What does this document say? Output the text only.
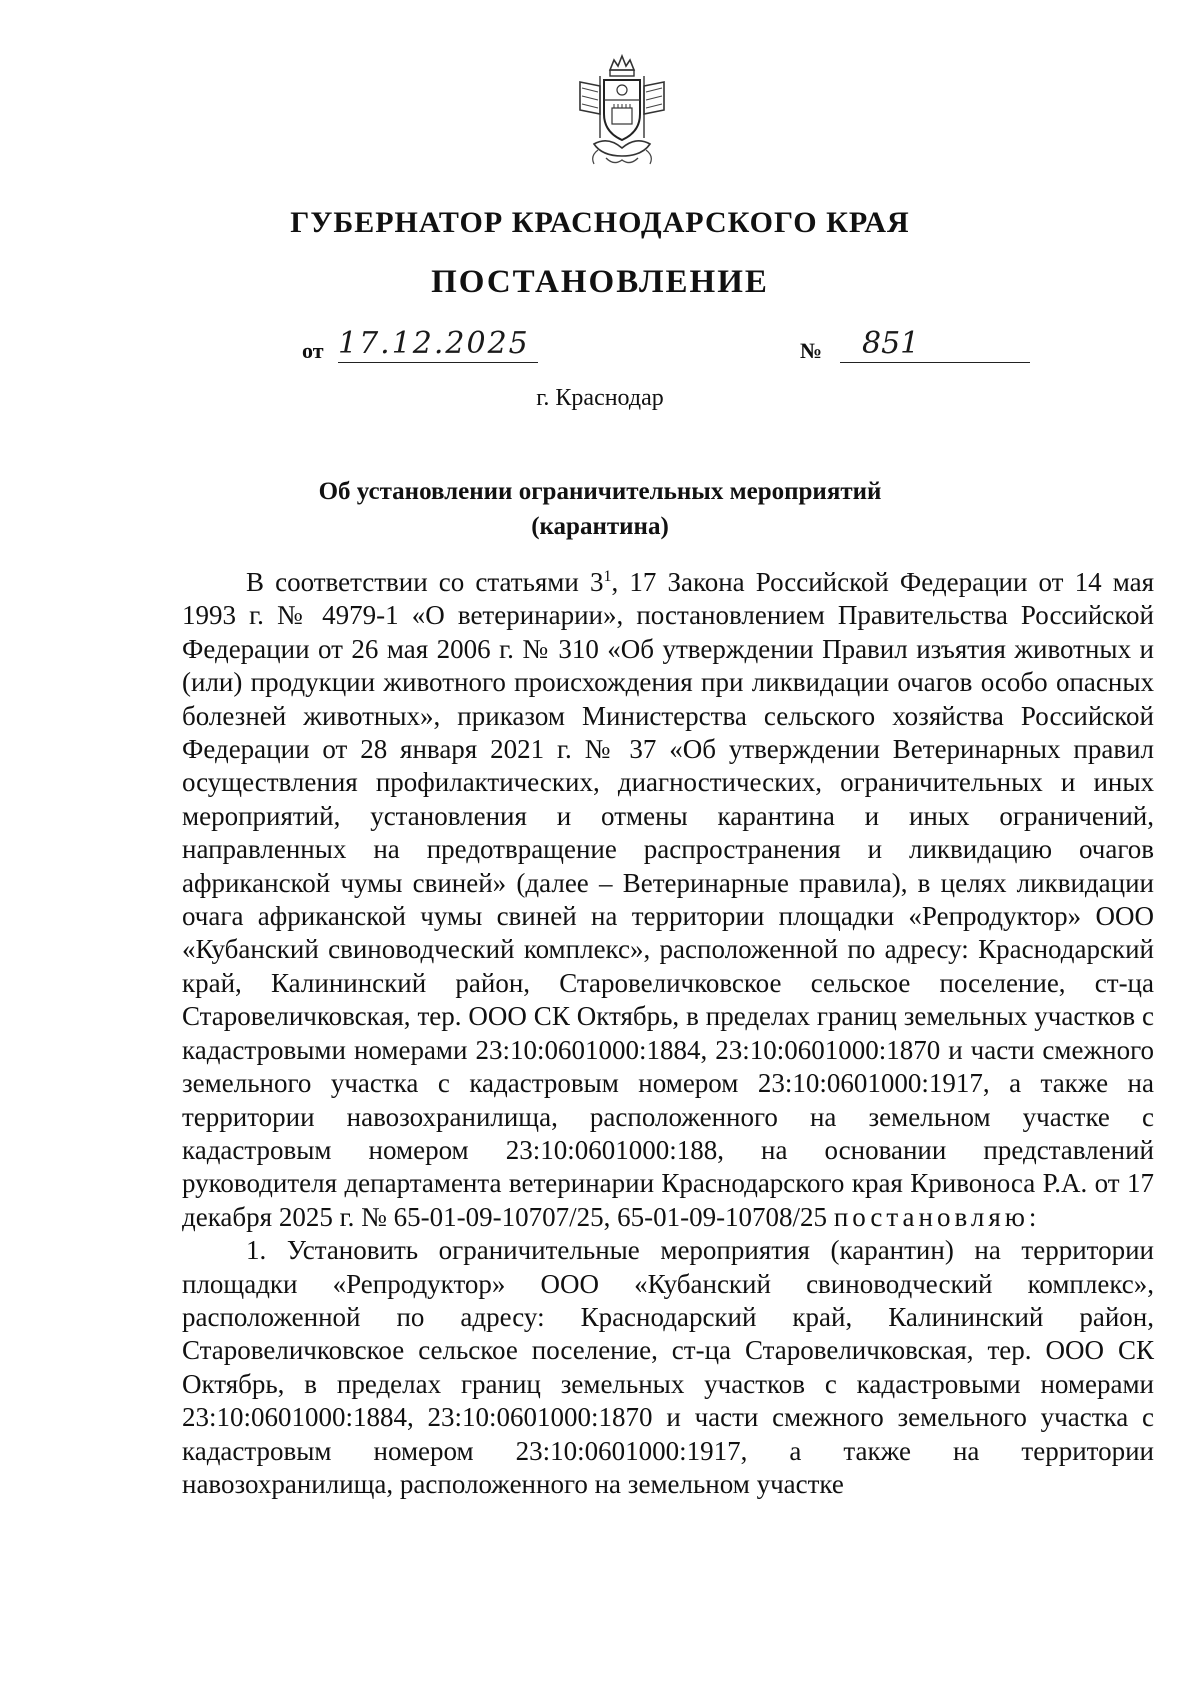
ГУБЕРНАТОР КРАСНОДАРСКОГО КРАЯ
ПОСТАНОВЛЕНИЕ
от 17.12.2025	№	851
г. Краснодар
Об установлении ограничительных мероприятий
(карантина)

В соответствии со статьями $3^1$, 17 Закона Российской Федерации от 14 мая 1993 г. № 4979-1 «О ветеринарии», постановлением Правительства Российской Федерации от 26 мая 2006 г. № 310 «Об утверждении Правил изъятия животных и (или) продукции животного происхождения при ликвидации очагов особо опасных болезней животных», приказом Министерства сельского хозяйства Российской Федерации от 28 января 2021 г. № 37 «Об утверждении Ветеринарных правил осуществления профилактических, диагностических, ограничительных и иных мероприятий, установления и отмены карантина и иных ограничений, направленных на предотвращение распространения и ликвидацию очагов африканской чумы свиней» (далее – Ветеринарные правила), в целях ликвидации очага африканской чумы свиней на территории площадки «Репродуктор» ООО «Кубанский свиноводческий комплекс», расположенной по адресу: Краснодарский край, Калининский район, Старовеличковское сельское поселение, ст-ца Старовеличковская, тер. ООО СК Октябрь, в пределах границ земельных участков с кадастровыми номерами 23:10:0601000:1884, 23:10:0601000:1870 и части смежного земельного участка с кадастровым номером 23:10:0601000:1917, а также на территории навозохранилища, расположенного на земельном участке с кадастровым номером 23:10:0601000:188, на основании представлений руководителя департамента ветеринарии Краснодарского края Кривоноса Р.А. от 17 декабря 2025 г. № 65-01-09-10707/25, 65-01-09-10708/25 постановляю:

1. Установить ограничительные мероприятия (карантин) на территории площадки «Репродуктор» ООО «Кубанский свиноводческий комплекс», расположенной по адресу: Краснодарский край, Калининский район, Старовеличковское сельское поселение, ст-ца Старовеличковская, тер. ООО СК Октябрь, в пределах границ земельных участков с кадастровыми номерами 23:10:0601000:1884, 23:10:0601000:1870 и части смежного земельного участка с кадастровым номером 23:10:0601000:1917, а также на территории навозохранилища, расположенного на земельном участке
